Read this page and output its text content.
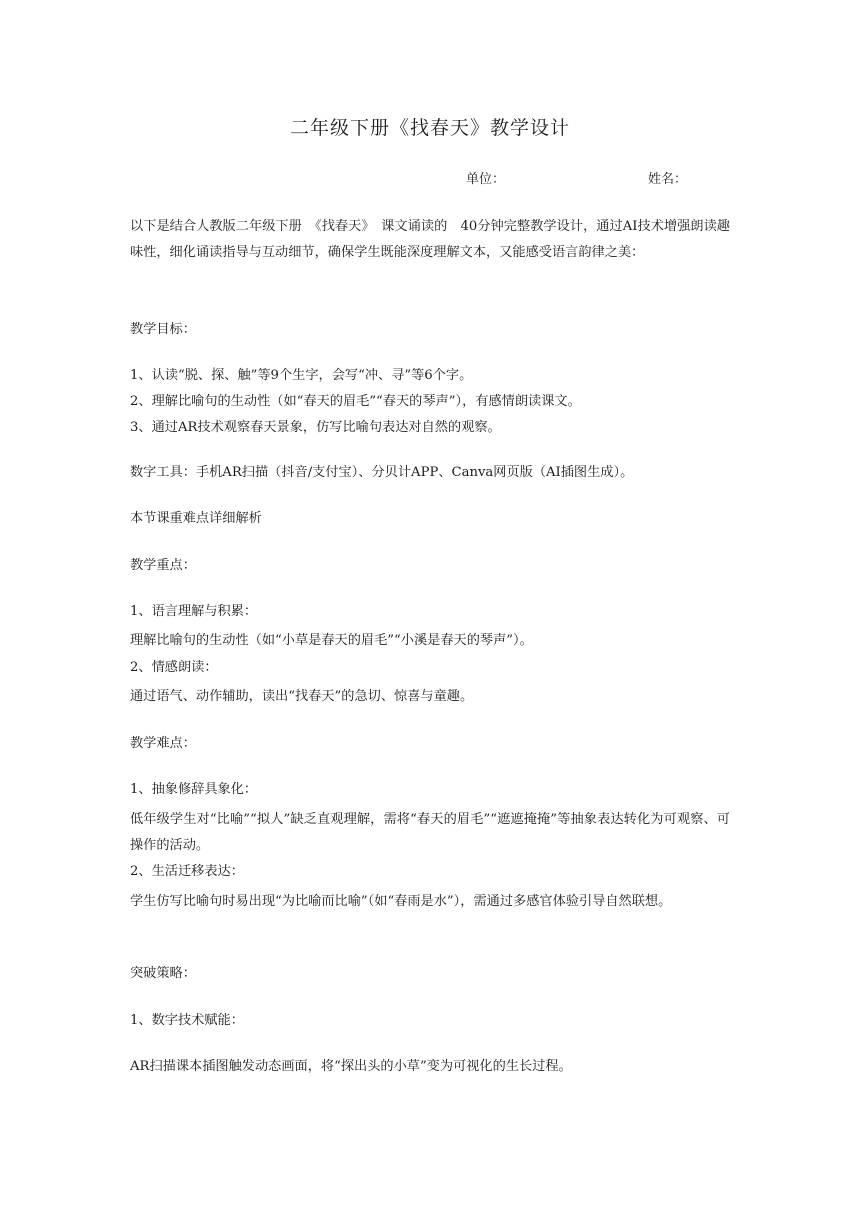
二年级下册《找春天》教学设计
单位：	姓名：
以下是结合人教版二年级下册　《找春天》　课文诵读的　40分钟完整教学设计，通过AI技术增强朗读趣味性，细化诵读指导与互动细节，确保学生既能深度理解文本，又能感受语言韵律之美：
教学目标：
1、认读“脱、探、触”等9个生字，会写“冲、寻”等6个字。
2、理解比喻句的生动性（如“春天的眉毛”“春天的琴声”），有感情朗读课文。
3、通过AR技术观察春天景象，仿写比喻句表达对自然的观察。
数字工具：手机AR扫描（抖音/支付宝）、分贝计APP、Canva网页版（AI插图生成）。
本节课重难点详细解析
教学重点：
1、语言理解与积累：
理解比喻句的生动性（如“小草是春天的眉毛”“小溪是春天的琴声”）。
2、情感朗读：
通过语气、动作辅助，读出“找春天”的急切、惊喜与童趣。
教学难点：
1、抽象修辞具象化：
低年级学生对“比喻”“拟人”缺乏直观理解，需将“春天的眉毛”“遮遮掩掩”等抽象表达转化为可观察、可操作的活动。
2、生活迁移表达：
学生仿写比喻句时易出现“为比喻而比喻”（如“春雨是水”），需通过多感官体验引导自然联想。
突破策略：
1、数字技术赋能：
AR扫描课本插图触发动态画面，将“探出头的小草”变为可视化的生长过程。
